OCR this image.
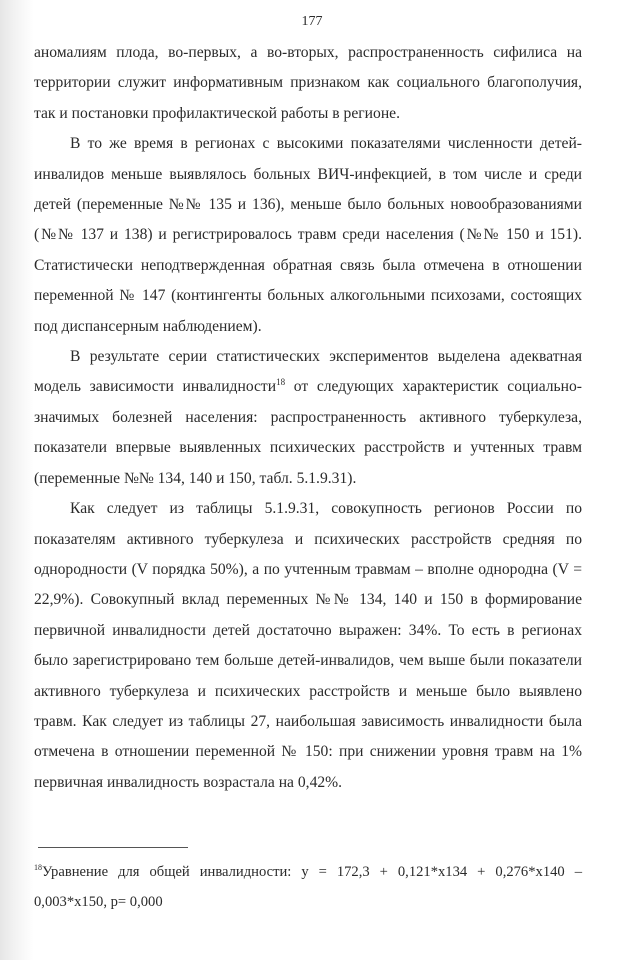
177

аномалиям плода, во-первых, а во-вторых, распространенность сифилиса на территории служит информативным признаком как социального благополучия, так и постановки профилактической работы в регионе.

В то же время в регионах с высокими показателями численности детей-инвалидов меньше выявлялось больных ВИЧ-инфекцией, в том числе и среди детей (переменные №№ 135 и 136), меньше было больных новообразованиями (№№ 137 и 138) и регистрировалось травм среди населения (№№ 150 и 151). Статистически неподтвержденная обратная связь была отмечена в отношении переменной № 147 (контингенты больных алкогольными психозами, состоящих под диспансерным наблюдением).

В результате серии статистических экспериментов выделена адекватная модель зависимости инвалидности$^{18}$ от следующих характеристик социально-значимых болезней населения: распространенность активного туберкулеза, показатели впервые выявленных психических расстройств и учтенных травм (переменные №№ 134, 140 и 150, табл. 5.1.9.31).

Как следует из таблицы 5.1.9.31, совокупность регионов России по показателям активного туберкулеза и психических расстройств средняя по однородности (V порядка 50%), а по учтенным травмам – вполне однородна (V = 22,9%). Совокупный вклад переменных №№ 134, 140 и 150 в формирование первичной инвалидности детей достаточно выражен: 34%. То есть в регионах было зарегистрировано тем больше детей-инвалидов, чем выше были показатели активного туберкулеза и психических расстройств и меньше было выявлено травм. Как следует из таблицы 27, наибольшая зависимость инвалидности была отмечена в отношении переменной № 150: при снижении уровня травм на 1% первичная инвалидность возрастала на 0,42%.

$^{18}$Уравнение для общей инвалидности: y = 172,3 + 0,121*x134 + 0,276*x140 – 0,003*x150, p= 0,000
